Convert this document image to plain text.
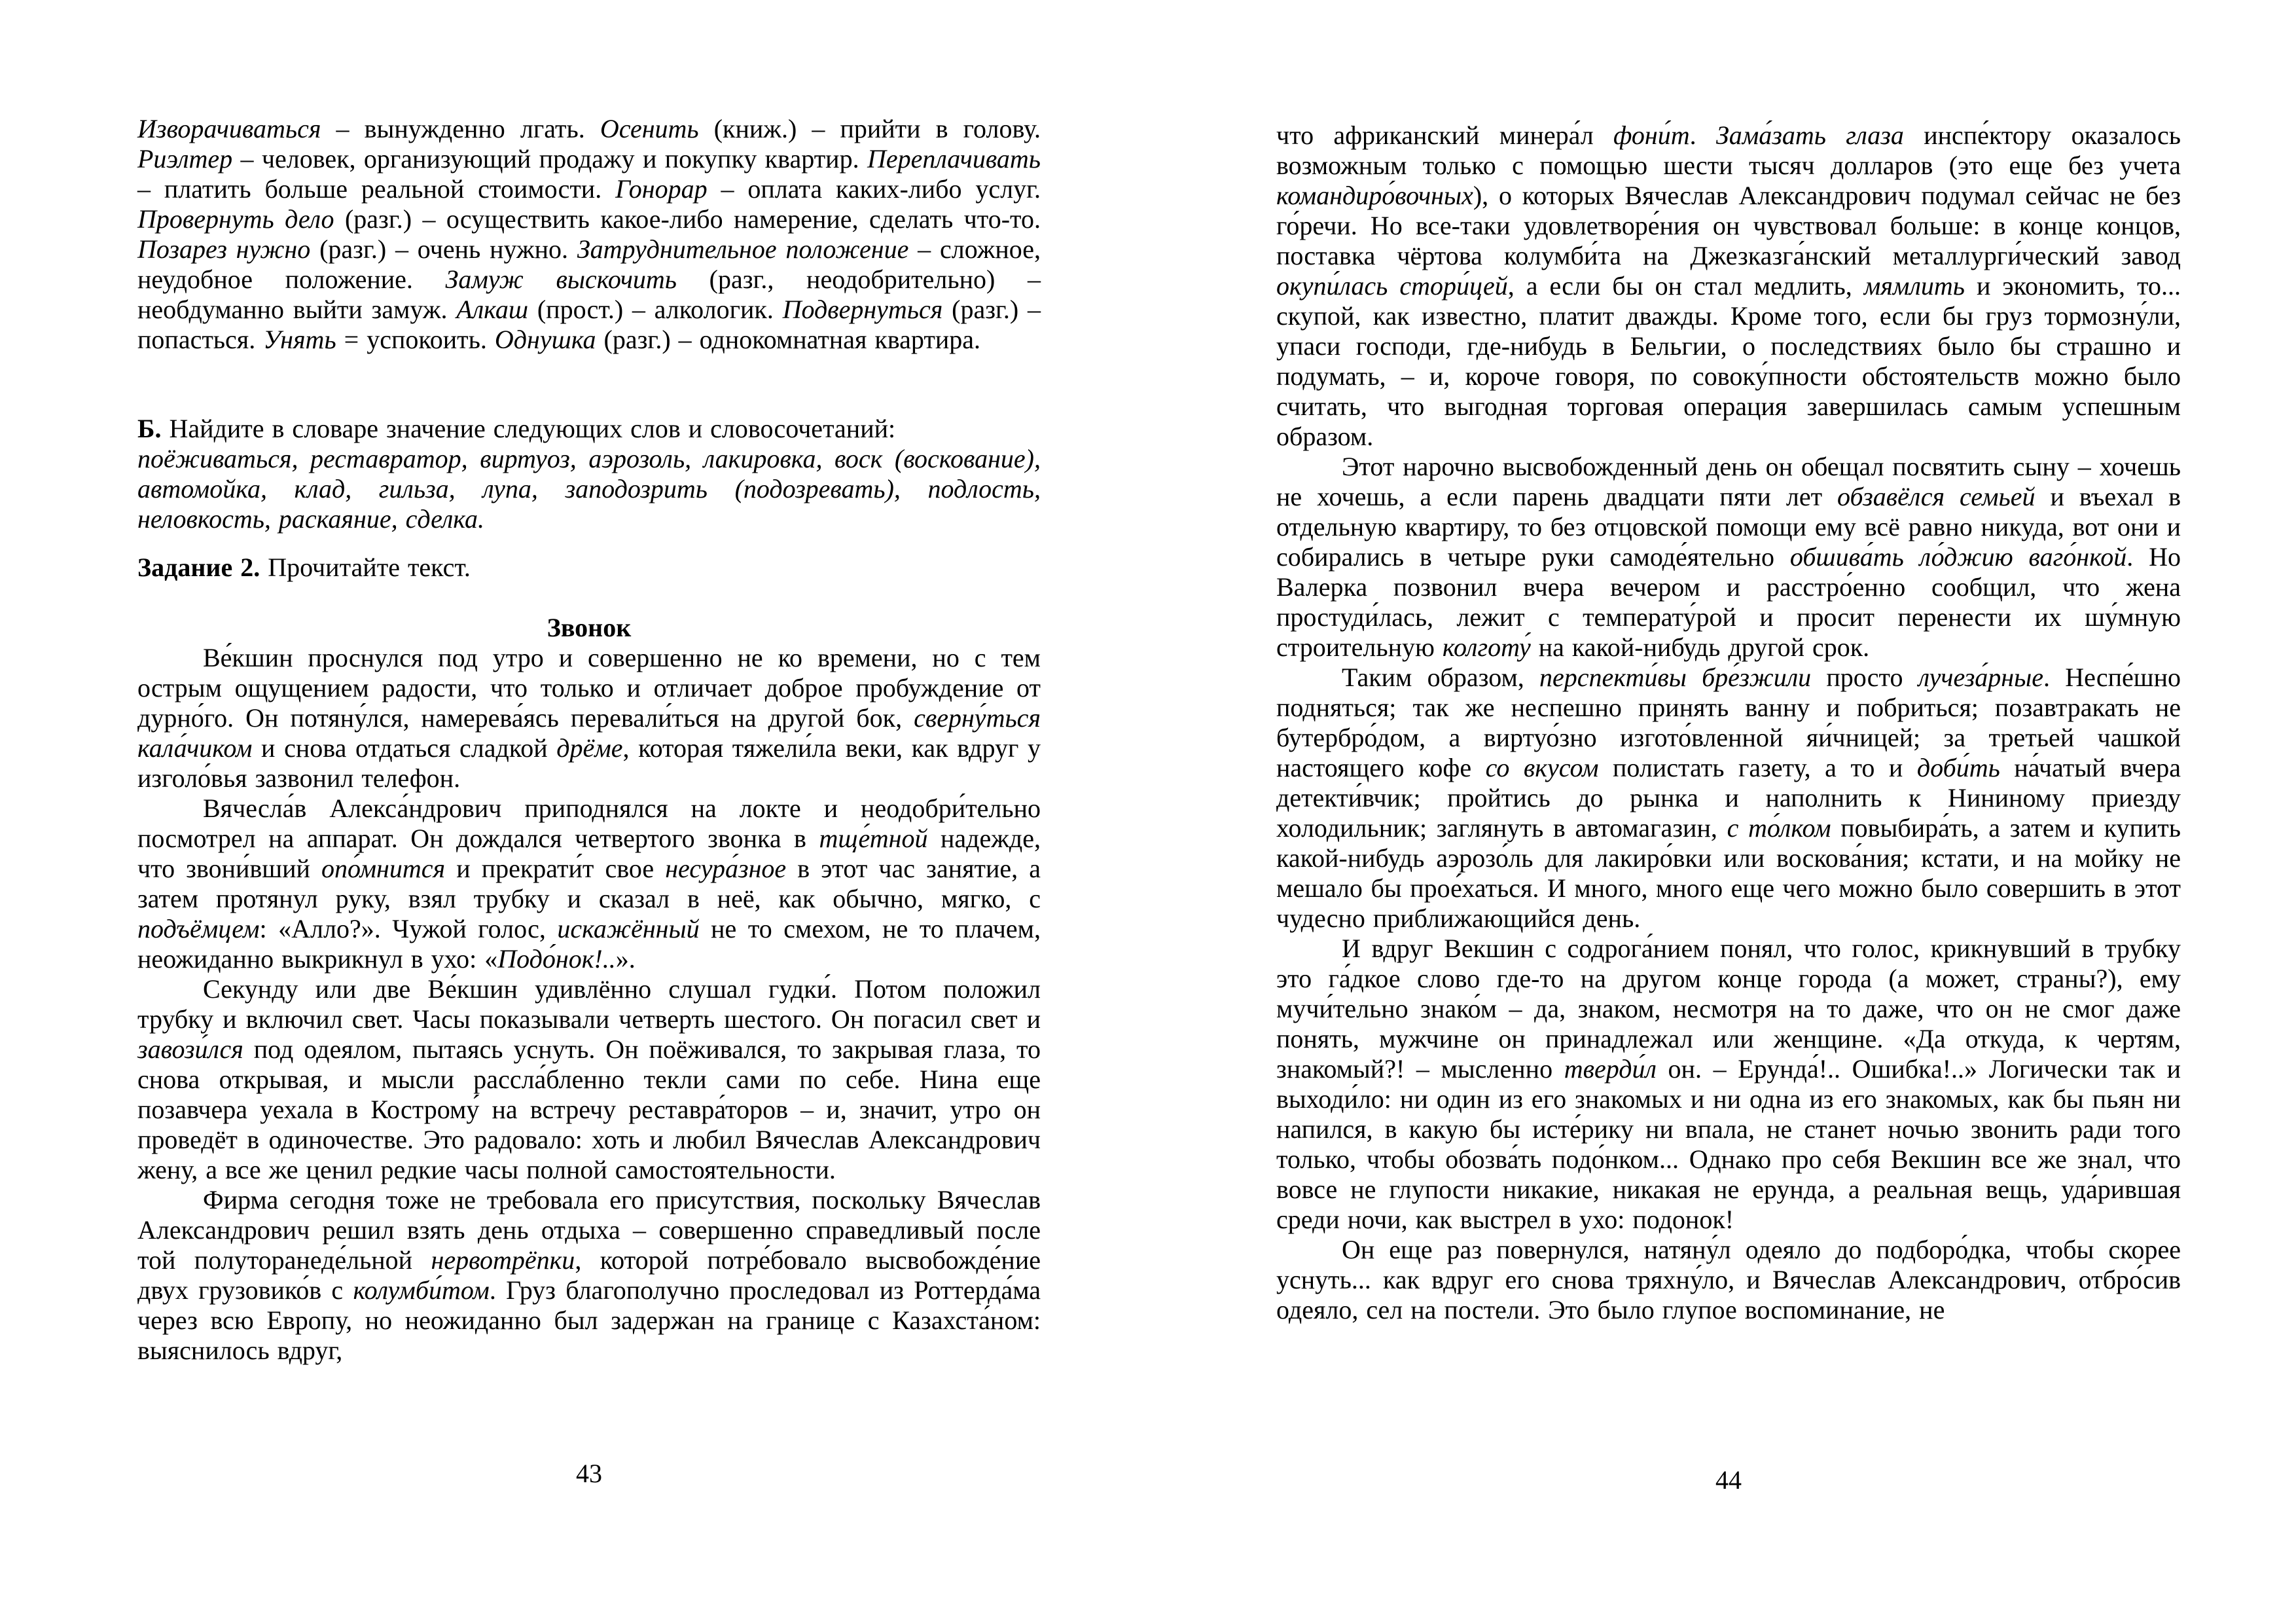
Изворачиваться – вынужденно лгать. Осенить (книж.) – прийти в голову. Риэлтер – человек, организующий продажу и покупку квартир. Переплачивать – платить больше реальной стоимости. Гонорар – оплата каких-либо услуг. Провернуть дело (разг.) – осуществить какое-либо намерение, сделать что-то. Позарез нужно (разг.) – очень нужно. Затруднительное положение – сложное, неудобное положение. Замуж выскочить (разг., неодобрительно) – необдуманно выйти замуж. Алкаш (прост.) – алкологик. Подвернуться (разг.) – попасться. Унять = успокоить. Однушка (разг.) – однокомнатная квартира.

Б. Найдите в словаре значение следующих слов и словосочетаний:

поёживаться, реставратор, виртуоз, аэрозоль, лакировка, воск (воскование), автомойка, клад, гильза, лупа, заподозрить (подозревать), подлость, неловкость, раскаяние, сделка.

Задание 2. Прочитайте текст.

Звонок

Ве́кшин проснулся под утро и совершенно не ко времени, но с тем острым ощущением радости, что только и отличает доброе пробуждение от дурно́го. Он потяну́лся, намерева́ясь перевали́ться на другой бок, сверну́ться кала́чиком и снова отдаться сладкой дрёме, которая тяжели́ла веки, как вдруг у изголо́вья зазвонил телефон.

Вячесла́в Алекса́ндрович приподнялся на локте и неодобри́тельно посмотрел на аппарат. Он дождался четвертого звонка в тще́тной надежде, что звони́вший опо́мнится и прекрати́т свое несура́зное в этот час занятие, а затем протянул руку, взял трубку и сказал в неё, как обычно, мягко, с подъёмцем: «Алло?». Чужой голос, искажённый не то смехом, не то плачем, неожиданно выкрикнул в ухо: «Подо́нок!..».

Секунду или две Ве́кшин удивлённо слушал гудки́. Потом положил трубку и включил свет. Часы показывали четверть шестого. Он погасил свет и завози́лся под одеялом, пытаясь уснуть. Он поёживался, то закрывая глаза, то снова открывая, и мысли рассла́бленно текли сами по себе. Нина еще позавчера уехала в Кострому́ на встречу реставра́торов – и, значит, утро он проведёт в одиночестве. Это радовало: хоть и любил Вячеслав Александрович жену, а все же ценил редкие часы полной самостоятельности.

Фирма сегодня тоже не требовала его присутствия, поскольку Вячеслав Александрович решил взять день отдыха – совершенно справедливый после той полуторанеде́льной нервотрёпки, которой потре́бовало высвобожде́ние двух грузовико́в с колумби́том. Груз благополучно проследовал из Роттерда́ма через всю Европу, но неожиданно был задержан на границе с Казахста́ном: выяснилось вдруг,

что африканский минера́л фони́т. Зама́зать глаза инспе́ктору оказалось возможным только с помощью шести тысяч долларов (это еще без учета командиро́вочных), о которых Вячеслав Александрович подумал сейчас не без го́речи. Но все-таки удовлетворе́ния он чувствовал больше: в конце концов, поставка чёртова колумби́та на Джезказга́нский металлурги́ческий завод окупи́лась стори́цей, а если бы он стал медлить, мямлить и экономить, то... скупой, как известно, платит дважды. Кроме того, если бы груз тормозну́ли, упаси господи, где-нибудь в Бельгии, о последствиях было бы страшно и подумать, – и, короче говоря, по совоку́пности обстоятельств можно было считать, что выгодная торговая операция завершилась самым успешным образом.

Этот нарочно высвобожденный день он обещал посвятить сыну – хочешь не хочешь, а если парень двадцати пяти лет обзавёлся семьей и въехал в отдельную квартиру, то без отцовской помощи ему всё равно никуда, вот они и собирались в четыре руки самоде́ятельно обшива́ть ло́джию ваго́нкой. Но Валерка позвонил вчера вечером и расстро́енно сообщил, что жена простуди́лась, лежит с температу́рой и просит перенести их шу́мную строительную колготу́ на какой-нибудь другой срок.

Таким образом, перспекти́вы бре́зжили просто лучеза́рные. Неспе́шно подняться; так же неспешно принять ванну и побриться; позавтракать не бутербро́дом, а виртуо́зно изгото́вленной яи́чницей; за третьей чашкой настоящего кофе со вкусом полистать газету, а то и доби́ть на́чатый вчера детекти́вчик; пройтись до рынка и наполнить к Нининому приезду холодильник; заглянуть в автомагазин, с то́лком повыбира́ть, а затем и купить какой-нибудь аэрозо́ль для лакиро́вки или воскова́ния; кстати, и на мойку не мешало бы прое́хаться. И много, много еще чего можно было совершить в этот чудесно приближающийся день.

И вдруг Векшин с содрога́нием понял, что голос, крикнувший в трубку это га́дкое слово где-то на другом конце города (а может, страны?), ему мучи́тельно знако́м – да, знаком, несмотря на то даже, что он не смог даже понять, мужчине он принадлежал или женщине. «Да откуда, к чертям, знакомый?! – мысленно тверди́л он. – Ерунда́!.. Ошибка!..» Логически так и выходи́ло: ни один из его знакомых и ни одна из его знакомых, как бы пьян ни напился, в какую бы исте́рику ни впала, не станет ночью звонить ради того только, чтобы обозва́ть подо́нком... Однако про себя Векшин все же знал, что вовсе не глупости никакие, никакая не ерунда, а реальная вещь, уда́рившая среди ночи, как выстрел в ухо: подонок!

Он еще раз повернулся, натяну́л одеяло до подборо́дка, чтобы скорее уснуть... как вдруг его снова тряхну́ло, и Вячеслав Александрович, отбро́сив одеяло, сел на постели. Это было глупое воспоминание, не

43	44
